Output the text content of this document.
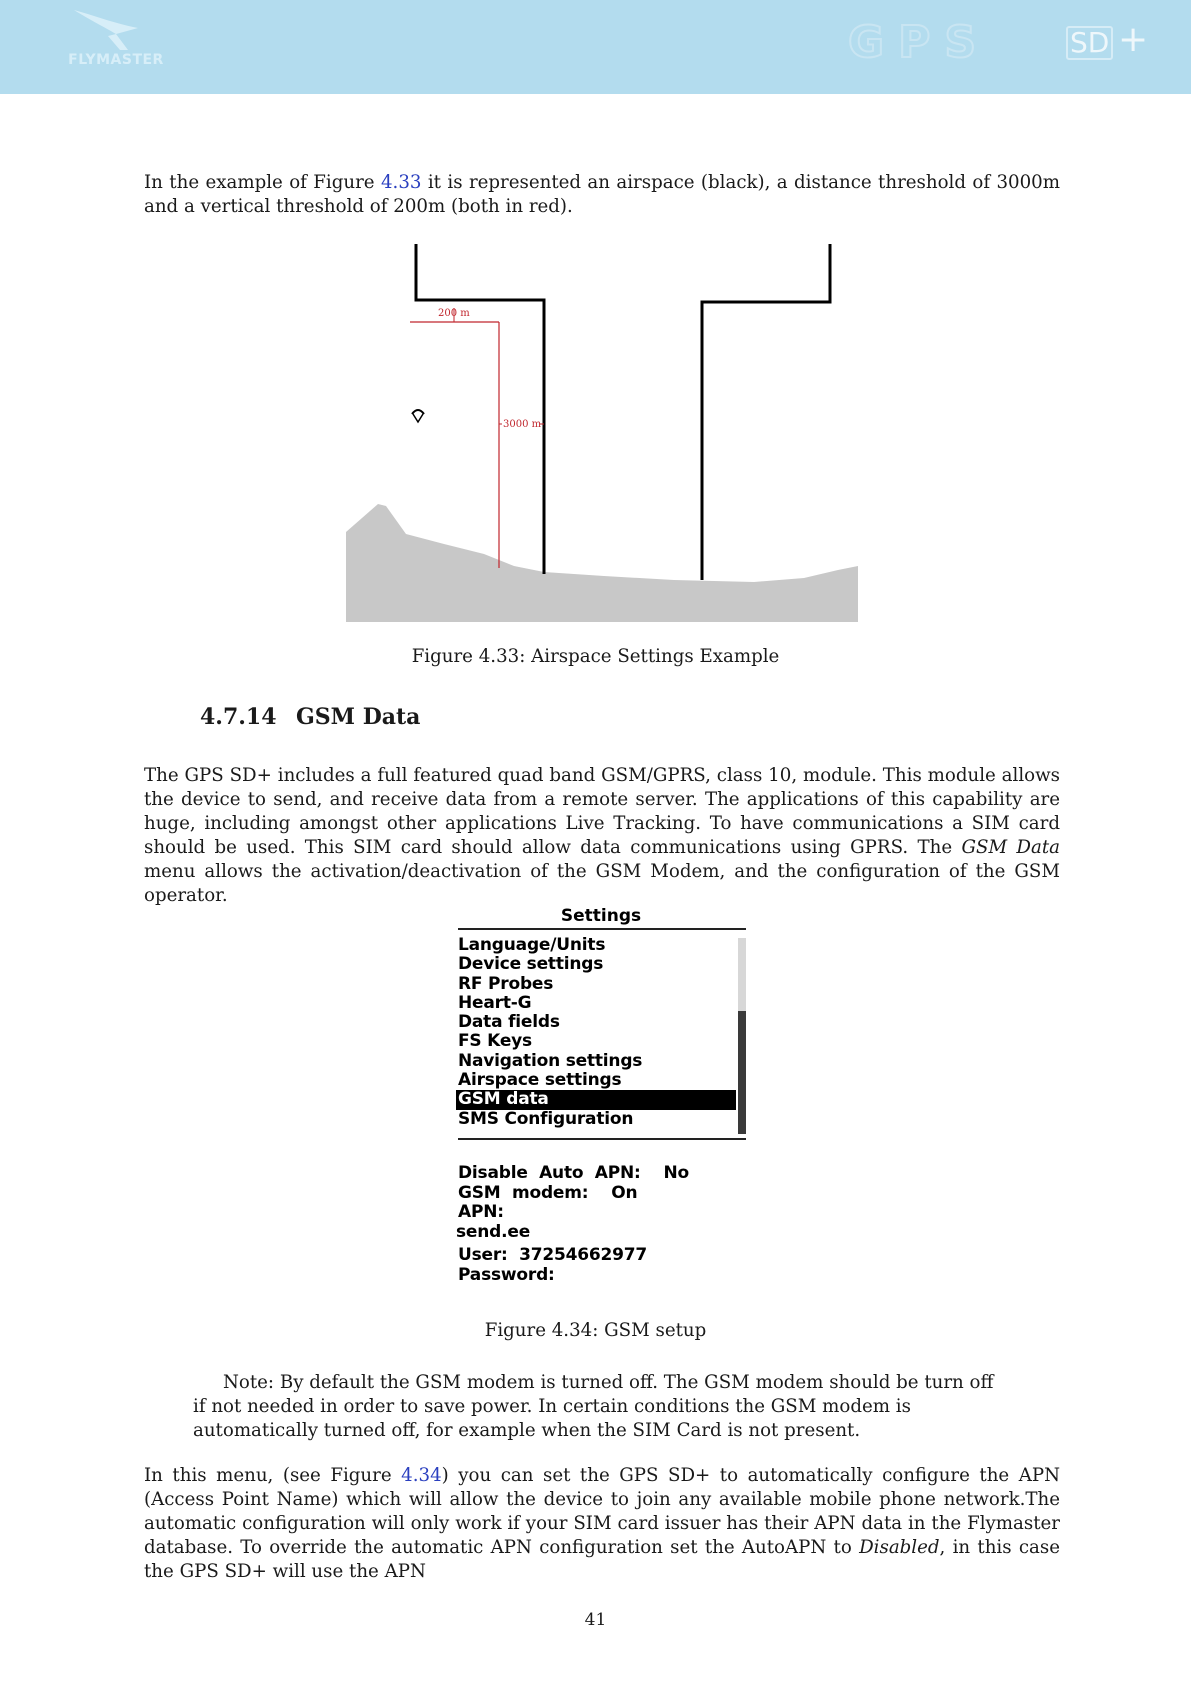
FLYMASTER	GPS	SD +

In the example of Figure 4.33 it is represented an airspace (black), a distance threshold of 3000m and a vertical threshold of 200m (both in red).

200 m
3000 m
Figure 4.33: Airspace Settings Example
4.7.14 GSM Data

The GPS SD+ includes a full featured quad band GSM/GPRS, class 10, module. This module allows the device to send, and receive data from a remote server. The applications of this capability are huge, including amongst other applications Live Tracking. To have communications a SIM card should be used. This SIM card should allow data communications using GPRS. The GSM Data menu allows the activation/deactivation of the GSM Modem, and the configuration of the GSM operator.

Settings
Language/Units
Device settings
RF Probes
Heart-G
Data fields
FS Keys
Navigation settings
Airspace settings
GSM data
SMS Configuration
Disable  Auto  APN:    No
GSM  modem:    On
APN:
send.ee
User:  37254662977
Password:
Figure 4.34: GSM setup

Note: By default the GSM modem is turned off. The GSM modem should be turn off if not needed in order to save power. In certain conditions the GSM modem is automatically turned off, for example when the SIM Card is not present.

In this menu, (see Figure 4.34) you can set the GPS SD+ to automatically configure the APN (Access Point Name) which will allow the device to join any available mobile phone network.The automatic configuration will only work if your SIM card issuer has their APN data in the Flymaster database. To override the automatic APN configuration set the AutoAPN to Disabled, in this case the GPS SD+ will use the APN

41
